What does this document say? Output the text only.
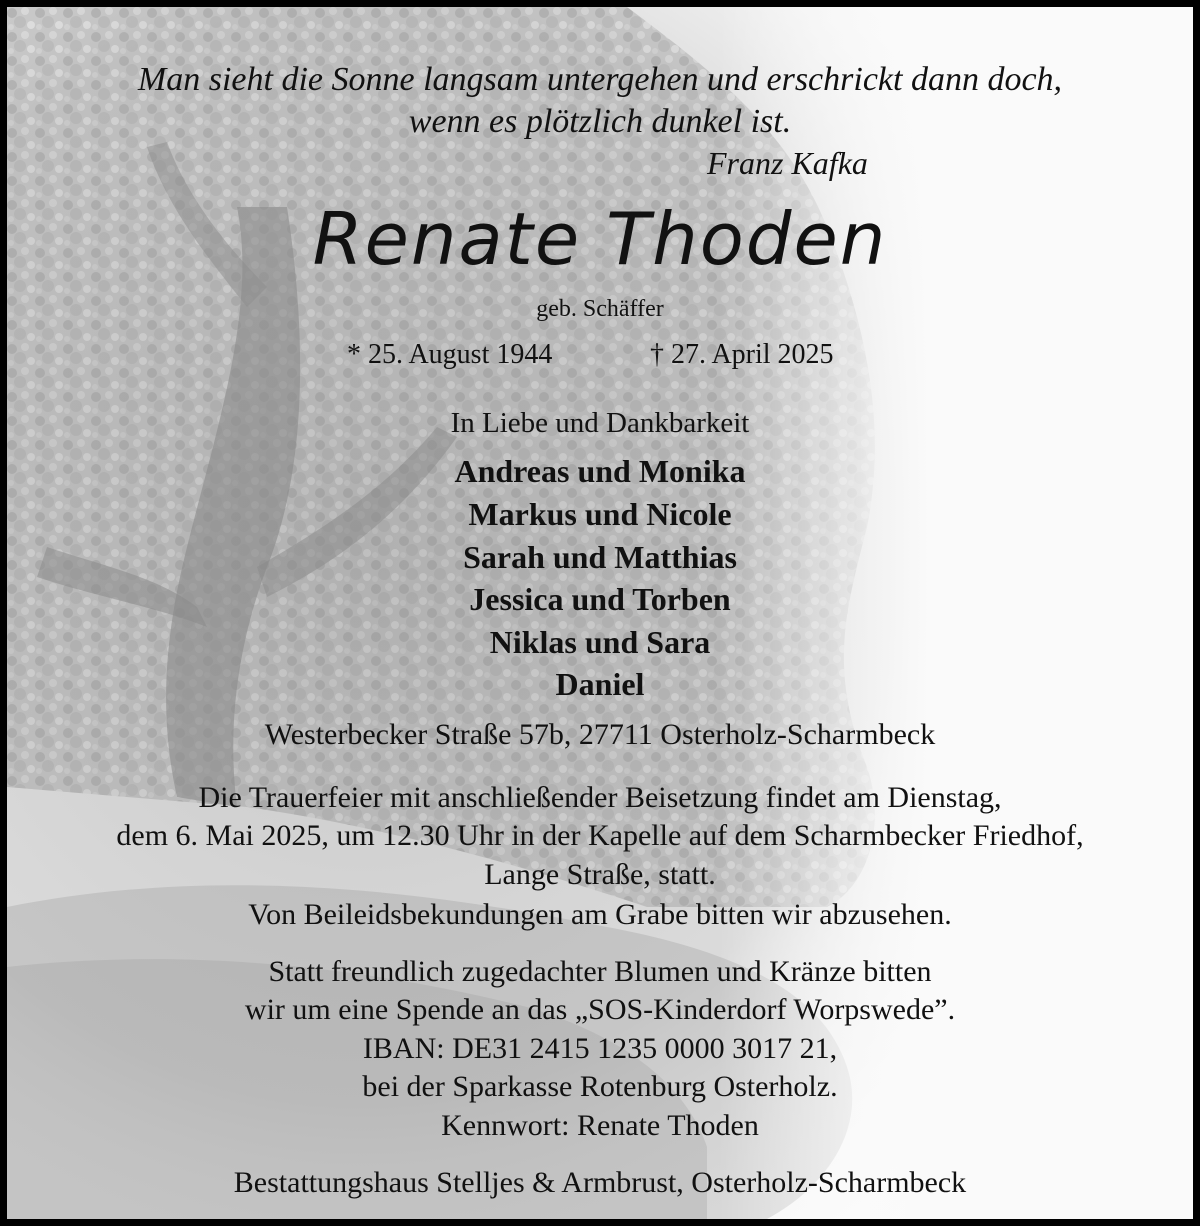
Man sieht die Sonne langsam untergehen und erschrickt dann doch,
wenn es plötzlich dunkel ist.
Franz Kafka
Renate Thoden
geb. Schäffer
* 25. August 1944	† 27. April 2025
In Liebe und Dankbarkeit
Andreas und Monika
Markus und Nicole
Sarah und Matthias
Jessica und Torben
Niklas und Sara
Daniel
Westerbecker Straße 57b, 27711 Osterholz-Scharmbeck
Die Trauerfeier mit anschließender Beisetzung findet am Dienstag,
dem 6. Mai 2025, um 12.30 Uhr in der Kapelle auf dem Scharmbecker Friedhof,
Lange Straße, statt.
Von Beileidsbekundungen am Grabe bitten wir abzusehen.
Statt freundlich zugedachter Blumen und Kränze bitten
wir um eine Spende an das „SOS-Kinderdorf Worpswede”.
IBAN: DE31 2415 1235 0000 3017 21,
bei der Sparkasse Rotenburg Osterholz.
Kennwort: Renate Thoden
Bestattungshaus Stelljes & Armbrust, Osterholz-Scharmbeck
